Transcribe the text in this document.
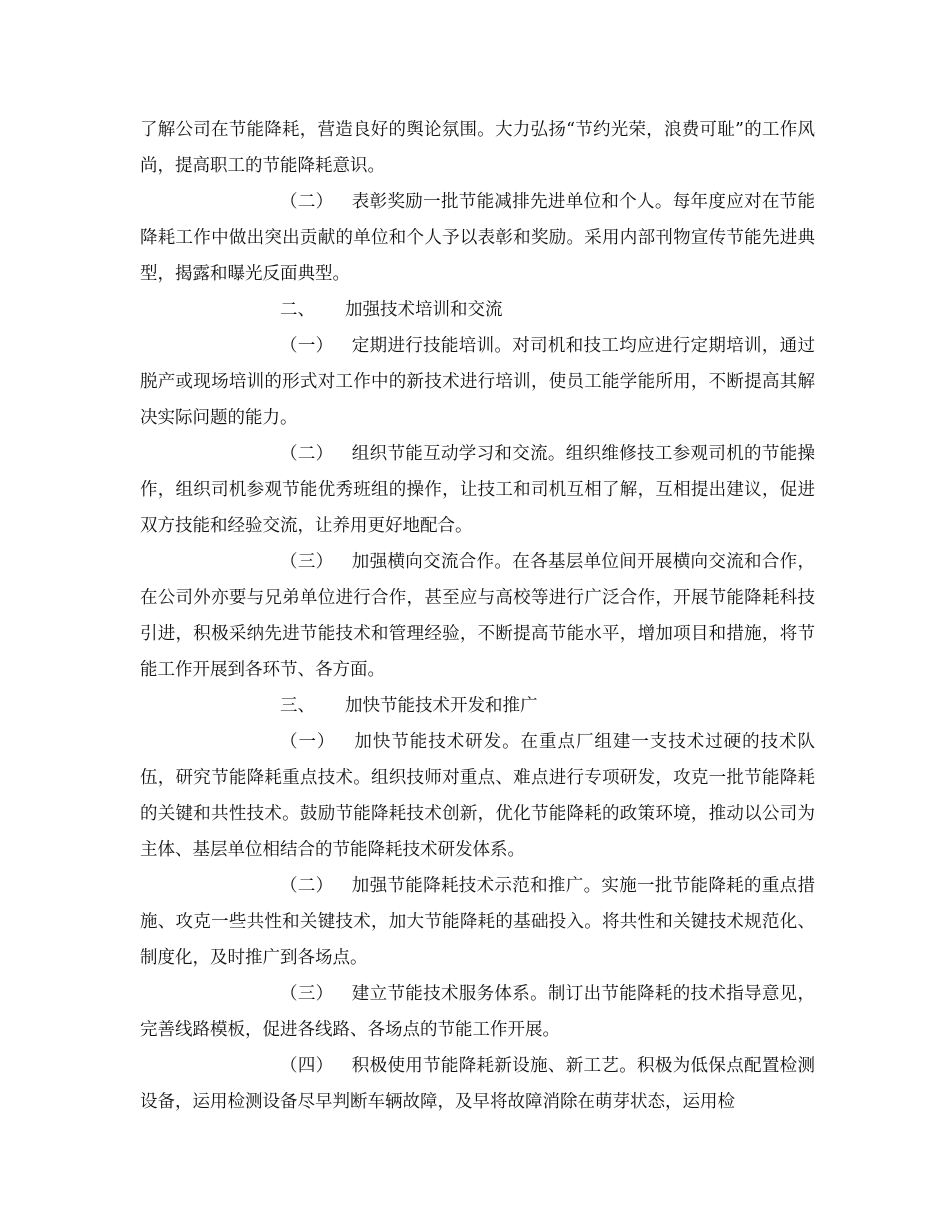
了解公司在节能降耗，营造良好的舆论氛围。大力弘扬“节约光荣，浪费可耻”的工作风尚，提高职工的节能降耗意识。

（二） 表彰奖励一批节能减排先进单位和个人。每年度应对在节能降耗工作中做出突出贡献的单位和个人予以表彰和奖励。采用内部刊物宣传节能先进典型，揭露和曝光反面典型。

二、 加强技术培训和交流

（一） 定期进行技能培训。对司机和技工均应进行定期培训，通过脱产或现场培训的形式对工作中的新技术进行培训，使员工能学能所用，不断提高其解决实际问题的能力。

（二） 组织节能互动学习和交流。组织维修技工参观司机的节能操作，组织司机参观节能优秀班组的操作，让技工和司机互相了解，互相提出建议，促进双方技能和经验交流，让养用更好地配合。

（三） 加强横向交流合作。在各基层单位间开展横向交流和合作，在公司外亦要与兄弟单位进行合作，甚至应与高校等进行广泛合作，开展节能降耗科技引进，积极采纳先进节能技术和管理经验，不断提高节能水平，增加项目和措施，将节能工作开展到各环节、各方面。

三、 加快节能技术开发和推广

（一） 加快节能技术研发。在重点厂组建一支技术过硬的技术队伍，研究节能降耗重点技术。组织技师对重点、难点进行专项研发，攻克一批节能降耗的关键和共性技术。鼓励节能降耗技术创新，优化节能降耗的政策环境，推动以公司为主体、基层单位相结合的节能降耗技术研发体系。

（二） 加强节能降耗技术示范和推广。实施一批节能降耗的重点措施、攻克一些共性和关键技术，加大节能降耗的基础投入。将共性和关键技术规范化、制度化，及时推广到各场点。

（三） 建立节能技术服务体系。制订出节能降耗的技术指导意见，完善线路模板，促进各线路、各场点的节能工作开展。

（四） 积极使用节能降耗新设施、新工艺。积极为低保点配置检测设备，运用检测设备尽早判断车辆故障，及早将故障消除在萌芽状态，运用检
